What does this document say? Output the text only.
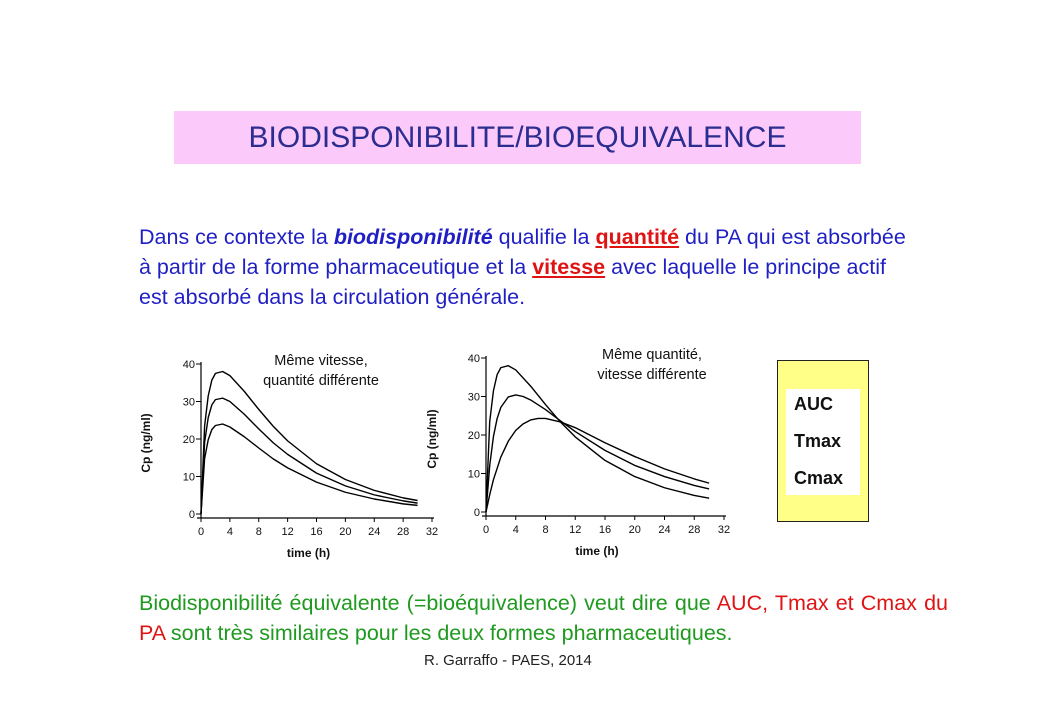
BIODISPONIBILITE/BIOEQUIVALENCE
Dans ce contexte la biodisponibilité qualifie la quantité du PA qui est absorbée à partir de la forme pharmaceutique et la vitesse avec laquelle le principe actif est absorbé dans la circulation générale.
0
10
20
30
40
0 4 8 12 16 20 24 28 32
time (h)
Cp (ng/ml)
Même vitesse,
quantité différente
0
10
20
30
40
0 4 8 12 16 20 24 28 32
time (h)
Cp (ng/ml)
Même quantité,
vitesse différente
AUC
Tmax
Cmax
Biodisponibilité équivalente (=bioéquivalence) veut dire que AUC, Tmax et Cmax du PA sont très similaires pour les deux formes pharmaceutiques.
R. Garraffo - PAES, 2014
